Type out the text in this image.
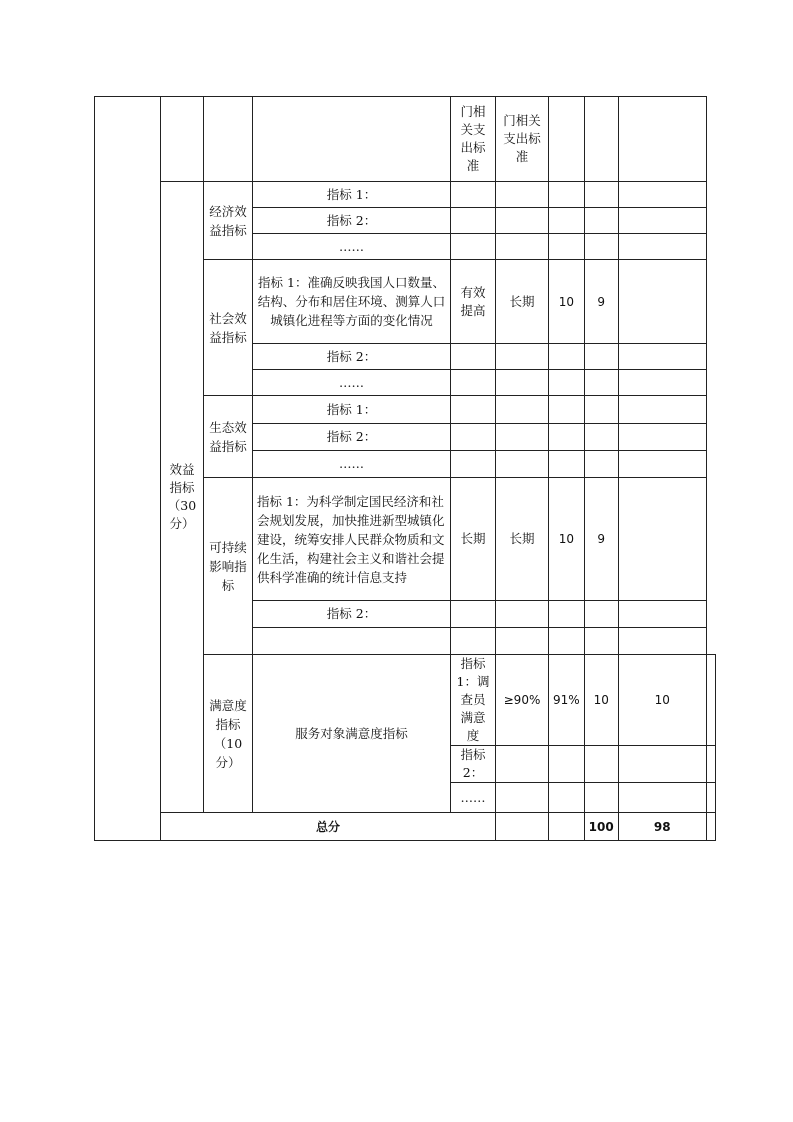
				门相关支出标准	门相关支出标准				
	效益指标（30分）	经济效益指标	指标 1：						
			指标 2：						
			……						
		社会效益指标	指标 1：准确反映我国人口数量、结构、分布和居住环境、测算人口城镇化进程等方面的变化情况	有效提高	长期	10	9		
			指标 2：						
			……						
		生态效益指标	指标 1：						
			指标 2：						
			……						
		可持续影响指标	指标 1：为科学制定国民经济和社会规划发展，加快推进新型城镇化建设，统筹安排人民群众物质和文化生活，构建社会主义和谐社会提供科学准确的统计信息支持	长期	长期	10	9		
			指标 2：						

		满意度指标（10分）	服务对象满意度指标	指标 1：调查员满意度	≥90%	91%	10	10	
				指标 2：					
				……					
	总分						100	98	
